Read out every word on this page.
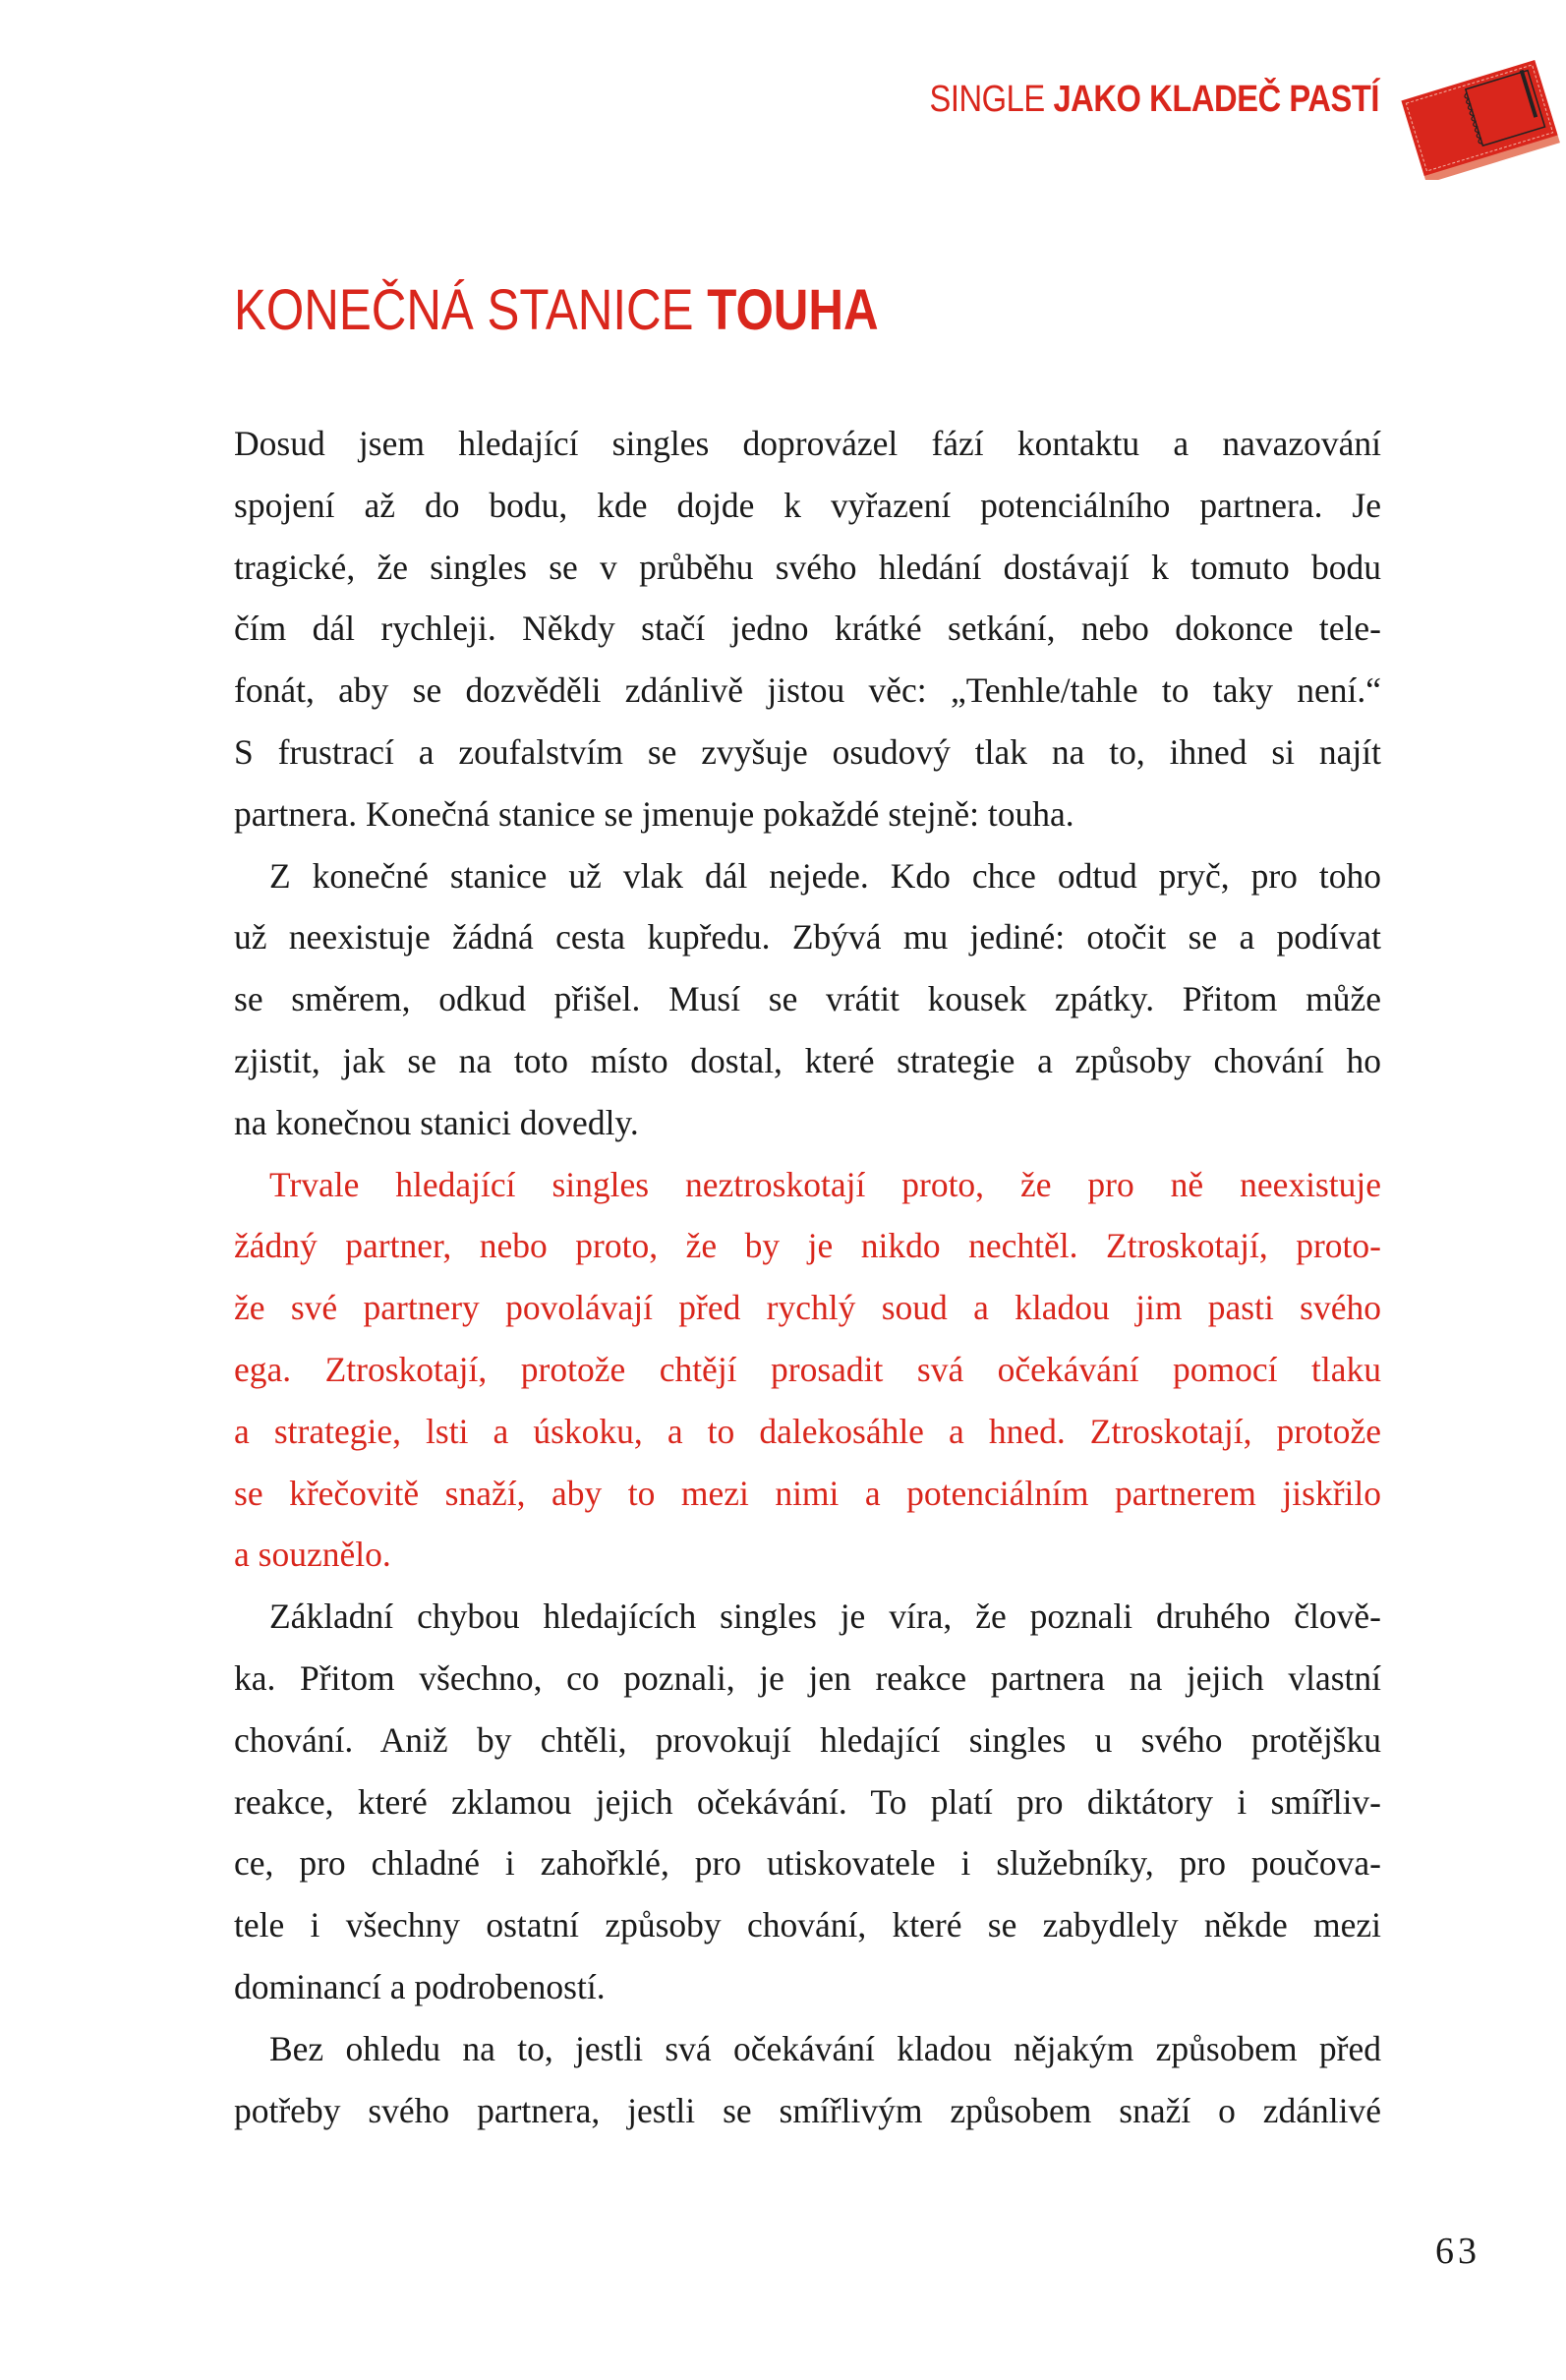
SINGLE JAKO KLADEČ PASTÍ
KONEČNÁ STANICE TOUHA
Dosud jsem hledající singles doprovázel fází kontaktu a navazování
spojení až do bodu, kde dojde k vyřazení potenciálního partnera. Je
tragické, že singles se v průběhu svého hledání dostávají k tomuto bodu
čím dál rychleji. Někdy stačí jedno krátké setkání, nebo dokonce tele-
fonát, aby se dozvěděli zdánlivě jistou věc: „Tenhle/tahle to taky není.“
S frustrací a zoufalstvím se zvyšuje osudový tlak na to, ihned si najít
partnera. Konečná stanice se jmenuje pokaždé stejně: touha.
Z konečné stanice už vlak dál nejede. Kdo chce odtud pryč, pro toho
už neexistuje žádná cesta kupředu. Zbývá mu jediné: otočit se a podívat
se směrem, odkud přišel. Musí se vrátit kousek zpátky. Přitom může
zjistit, jak se na toto místo dostal, které strategie a způsoby chování ho
na konečnou stanici dovedly.
Trvale hledající singles neztroskotají proto, že pro ně neexistuje
žádný partner, nebo proto, že by je nikdo nechtěl. Ztroskotají, proto-
že své partnery povolávají před rychlý soud a kladou jim pasti svého
ega. Ztroskotají, protože chtějí prosadit svá očekávání pomocí tlaku
a strategie, lsti a úskoku, a to dalekosáhle a hned. Ztroskotají, protože
se křečovitě snaží, aby to mezi nimi a potenciálním partnerem jiskřilo
a souznělo.
Základní chybou hledajících singles je víra, že poznali druhého člově-
ka. Přitom všechno, co poznali, je jen reakce partnera na jejich vlastní
chování. Aniž by chtěli, provokují hledající singles u svého protějšku
reakce, které zklamou jejich očekávání. To platí pro diktátory i smířliv-
ce, pro chladné i zahořklé, pro utiskovatele i služebníky, pro poučova-
tele i všechny ostatní způsoby chování, které se zabydlely někde mezi
dominancí a podrobeností.
Bez ohledu na to, jestli svá očekávání kladou nějakým způsobem před
potřeby svého partnera, jestli se smířlivým způsobem snaží o zdánlivé
63
